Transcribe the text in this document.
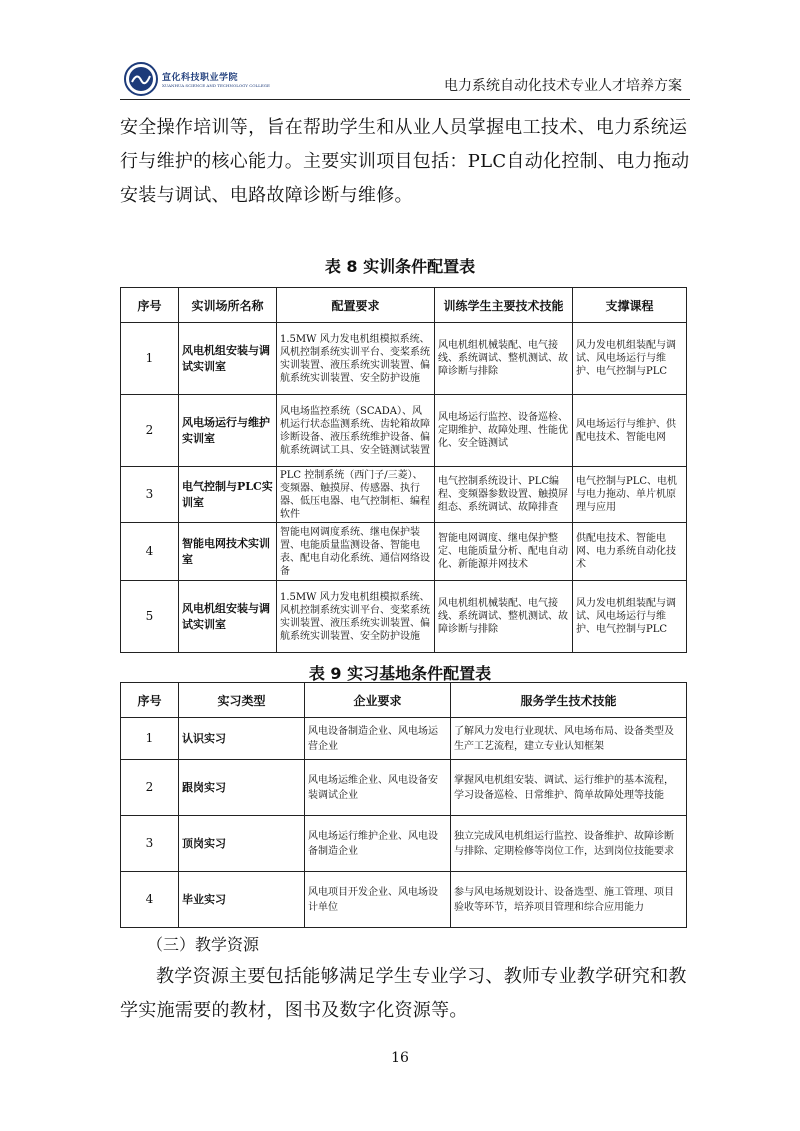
宣化科技职业学院
XUANHUA SCIENCE AND TECHNOLOGY COLLEGE	电力系统自动化技术专业人才培养方案
安全操作培训等，旨在帮助学生和从业人员掌握电工技术、电力系统运行与维护的核心能力。主要实训项目包括：PLC自动化控制、电力拖动安装与调试、电路故障诊断与维修。
表 8 实训条件配置表
序号	实训场所名称	配置要求	训练学生主要技术技能	支撑课程
1	风电机组安装与调试实训室	1.5MW 风力发电机组模拟系统、风机控制系统实训平台、变桨系统实训装置、液压系统实训装置、偏航系统实训装置、安全防护设施	风电机组机械装配、电气接线、系统调试、整机测试、故障诊断与排除	风力发电机组装配与调试、风电场运行与维护、电气控制与PLC
2	风电场运行与维护实训室	风电场监控系统（SCADA）、风机运行状态监测系统、齿轮箱故障诊断设备、液压系统维护设备、偏航系统调试工具、安全链测试装置	风电场运行监控、设备巡检、定期维护、故障处理、性能优化、安全链测试	风电场运行与维护、供配电技术、智能电网
3	电气控制与PLC实训室	PLC 控制系统（西门子/三菱）、变频器、触摸屏、传感器、执行器、低压电器、电气控制柜、编程软件	电气控制系统设计、PLC编程、变频器参数设置、触摸屏组态、系统调试、故障排查	电气控制与PLC、电机与电力拖动、单片机原理与应用
4	智能电网技术实训室	智能电网调度系统、继电保护装置、电能质量监测设备、智能电表、配电自动化系统、通信网络设备	智能电网调度、继电保护整定、电能质量分析、配电自动化、新能源并网技术	供配电技术、智能电网、电力系统自动化技术
5	风电机组安装与调试实训室	1.5MW 风力发电机组模拟系统、风机控制系统实训平台、变桨系统实训装置、液压系统实训装置、偏航系统实训装置、安全防护设施	风电机组机械装配、电气接线、系统调试、整机测试、故障诊断与排除	风力发电机组装配与调试、风电场运行与维护、电气控制与PLC
表 9 实习基地条件配置表
序号	实习类型	企业要求	服务学生技术技能
1	认识实习	风电设备制造企业、风电场运营企业	了解风力发电行业现状、风电场布局、设备类型及生产工艺流程，建立专业认知框架
2	跟岗实习	风电场运维企业、风电设备安装调试企业	掌握风电机组安装、调试、运行维护的基本流程，学习设备巡检、日常维护、简单故障处理等技能
3	顶岗实习	风电场运行维护企业、风电设备制造企业	独立完成风电机组运行监控、设备维护、故障诊断与排除、定期检修等岗位工作，达到岗位技能要求
4	毕业实习	风电项目开发企业、风电场设计单位	参与风电场规划设计、设备选型、施工管理、项目验收等环节，培养项目管理和综合应用能力
（三）教学资源
教学资源主要包括能够满足学生专业学习、教师专业教学研究和教学实施需要的教材，图书及数字化资源等。
16
